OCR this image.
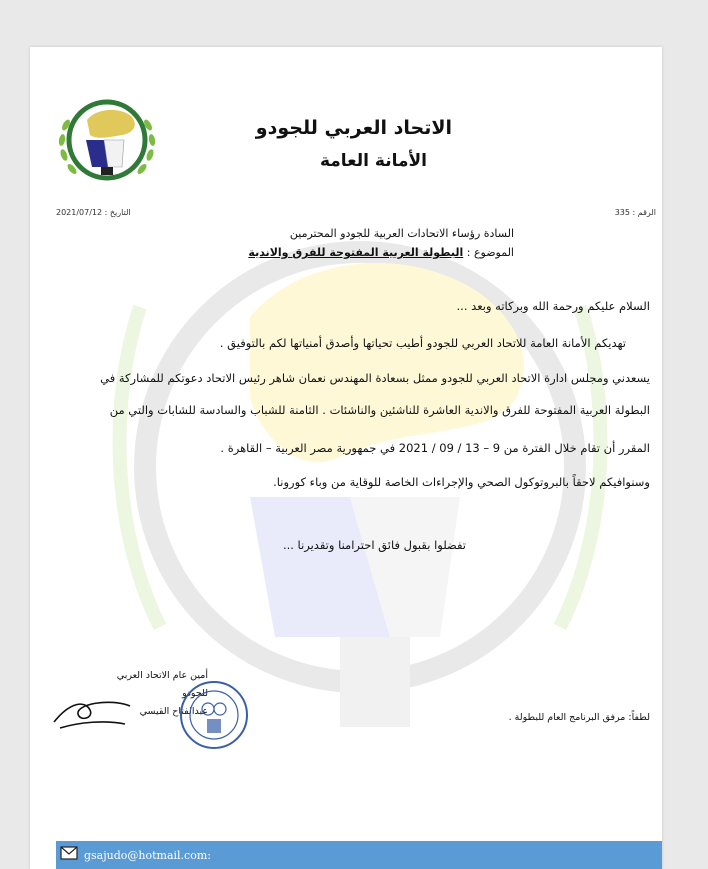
الاتحاد العربي للجودو
الأمانة العامة
الرقم : 335
التاريخ : 2021/07/12
السادة رؤساء الاتحادات العربية للجودو المحترمين
الموضوع : البطولة العربية المفتوحة للفرق والاندية
السلام عليكم ورحمة الله وبركاته وبعد ...
تهديكم الأمانة العامة للاتحاد العربي للجودو أطيب تحياتها وأصدق أمنياتها لكم بالتوفيق .
يسعدني ومجلس ادارة الاتحاد العربي للجودو ممثل بسعادة المهندس نعمان شاهر رئيس الاتحاد دعوتكم للمشاركة في
البطولة العربية المفتوحة للفرق والاندية العاشرة للناشئين والناشئات . الثامنة للشباب والسادسة للشابات والتي من
المقرر أن تقام خلال الفترة من 9 – 13 / 09 / 2021 في جمهورية مصر العربية – القاهرة .
وسنوافيكم لاحقاً بالبروتوكول الصحي والإجراءات الخاصة للوقاية من وباء كورونا.
تفضلوا بقبول فائق احترامنا وتقديرنا ...
أمين عام الاتحاد العربي للجودو
عبدالفتاح القيسي
لطفاً: مرفق البرنامج العام للبطولة .
gsajudo@hotmail.com:
